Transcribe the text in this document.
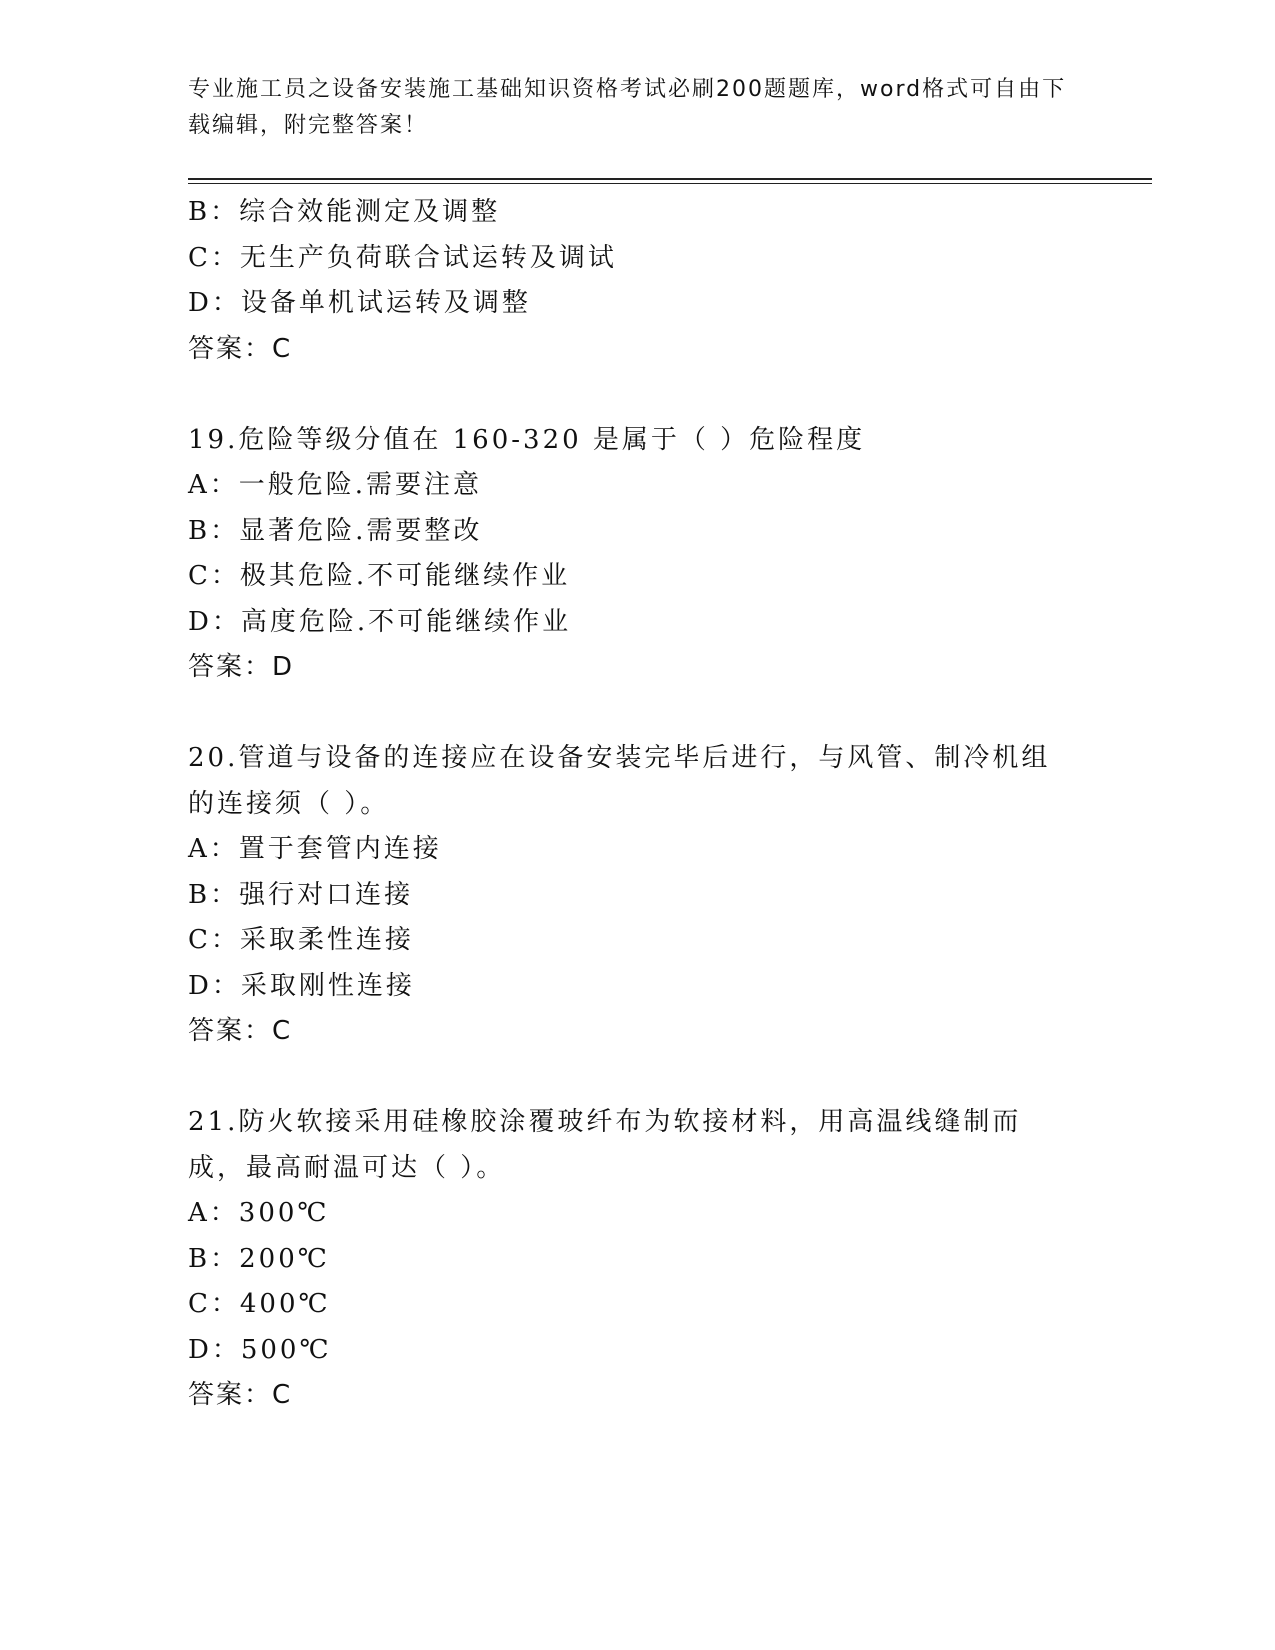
专业施工员之设备安装施工基础知识资格考试必刷200题题库，word格式可自由下载编辑，附完整答案！
B：综合效能测定及调整
C：无生产负荷联合试运转及调试
D：设备单机试运转及调整
答案：C
19.危险等级分值在 160-320 是属于（ ）危险程度
A：一般危险.需要注意
B：显著危险.需要整改
C：极其危险.不可能继续作业
D：高度危险.不可能继续作业
答案：D
20.管道与设备的连接应在设备安装完毕后进行，与风管、制冷机组的连接须（ ）。
A：置于套管内连接
B：强行对口连接
C：采取柔性连接
D：采取刚性连接
答案：C
21.防火软接采用硅橡胶涂覆玻纤布为软接材料，用高温线缝制而成，最高耐温可达（ ）。
A：300℃
B：200℃
C：400℃
D：500℃
答案：C
